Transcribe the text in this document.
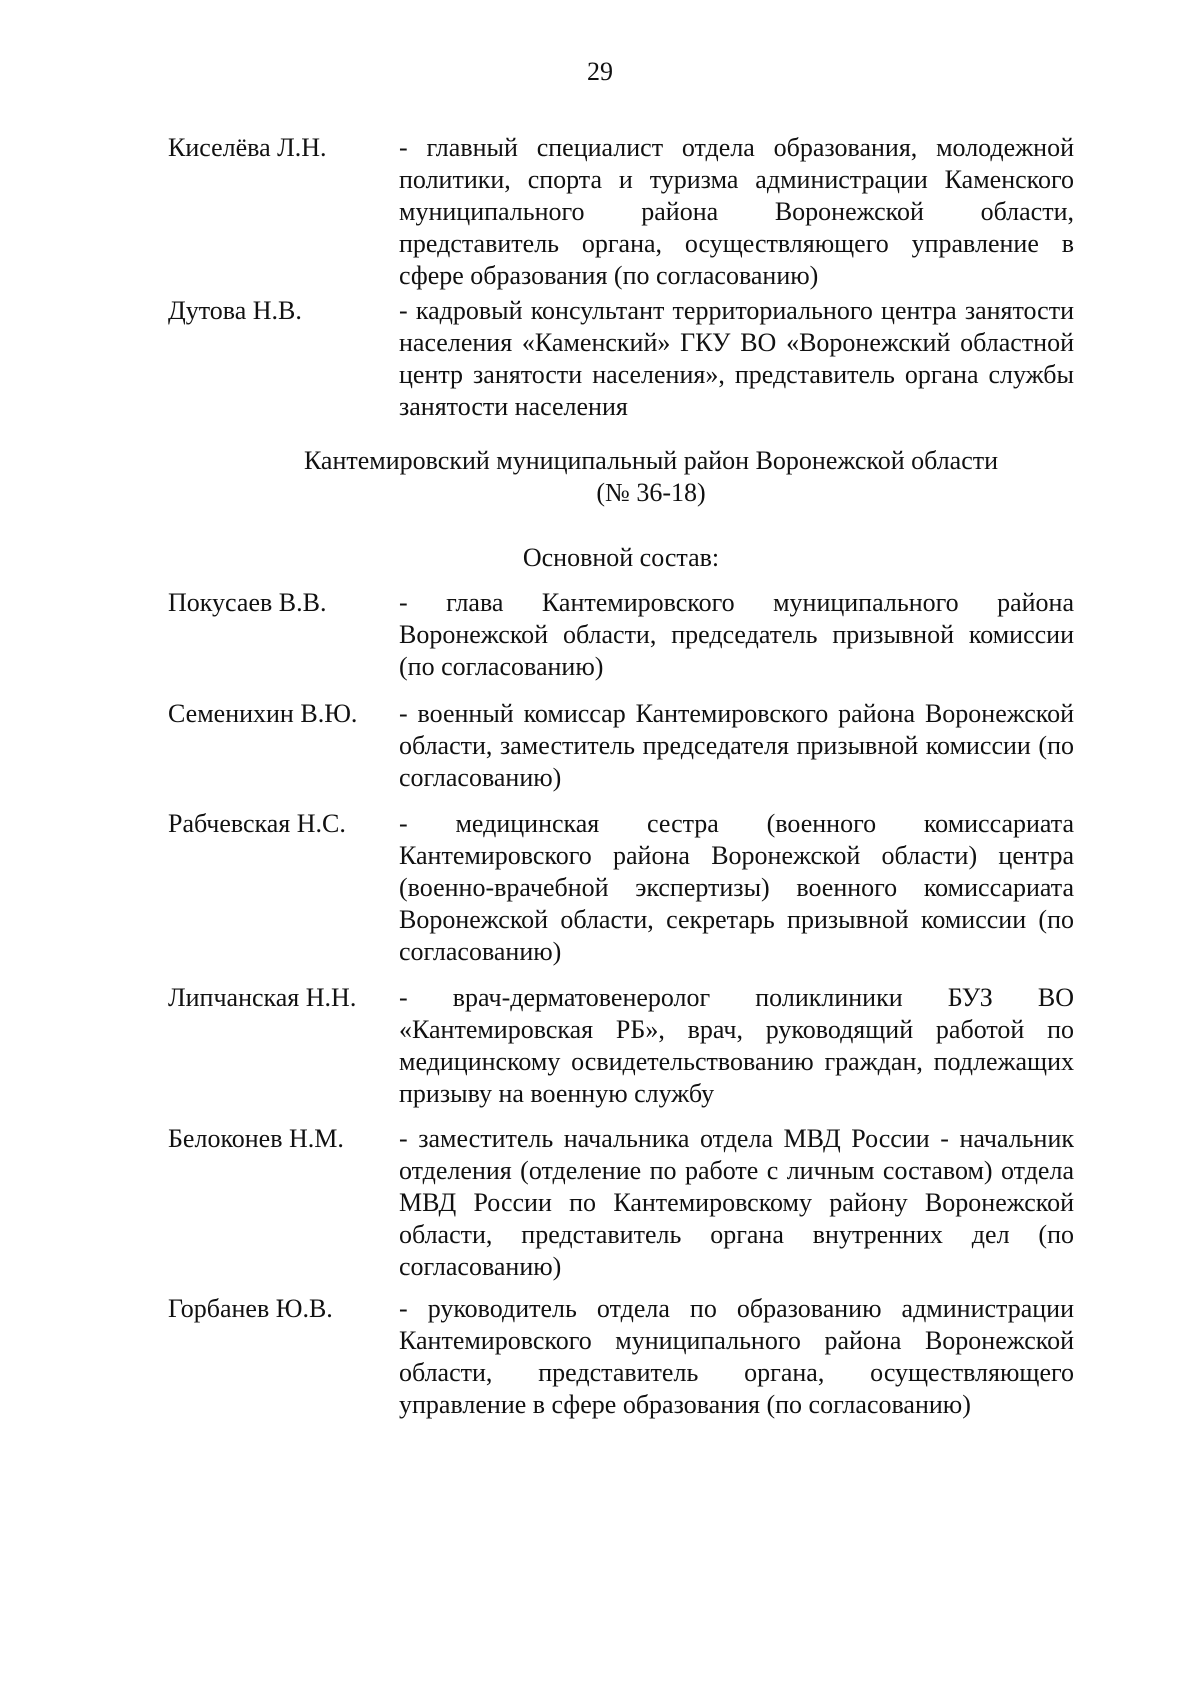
29
Киселёва Л.Н.	- главный специалист отдела образования, молодежной политики, спорта и туризма администрации Каменского муниципального района Воронежской области, представитель органа, осуществляющего управление в сфере образования (по согласованию)
Дутова Н.В.	- кадровый консультант территориального центра занятости населения «Каменский» ГКУ ВО «Воронежский областной центр занятости населения», представитель органа службы занятости населения
Кантемировский муниципальный район Воронежской области
(№ 36-18)
Основной состав:
Покусаев В.В.	- глава Кантемировского муниципального района Воронежской области, председатель призывной комиссии (по согласованию)
Семенихин В.Ю. - военный комиссар Кантемировского района Воронежской области, заместитель председателя призывной комиссии (по согласованию)
Рабчевская Н.С. - медицинская сестра (военного комиссариата Кантемировского района Воронежской области) центра (военно-врачебной экспертизы) военного комиссариата Воронежской области, секретарь призывной комиссии (по согласованию)
Липчанская Н.Н. - врач-дерматовенеролог поликлиники БУЗ ВО «Кантемировская РБ», врач, руководящий работой по медицинскому освидетельствованию граждан, подлежащих призыву на военную службу
Белоконев Н.М. - заместитель начальника отдела МВД России - начальник отделения (отделение по работе с личным составом) отдела МВД России по Кантемировскому району Воронежской области, представитель органа внутренних дел (по согласованию)
Горбанев Ю.В.	- руководитель отдела по образованию администрации Кантемировского муниципального района Воронежской области, представитель органа, осуществляющего управление в сфере образования (по согласованию)
